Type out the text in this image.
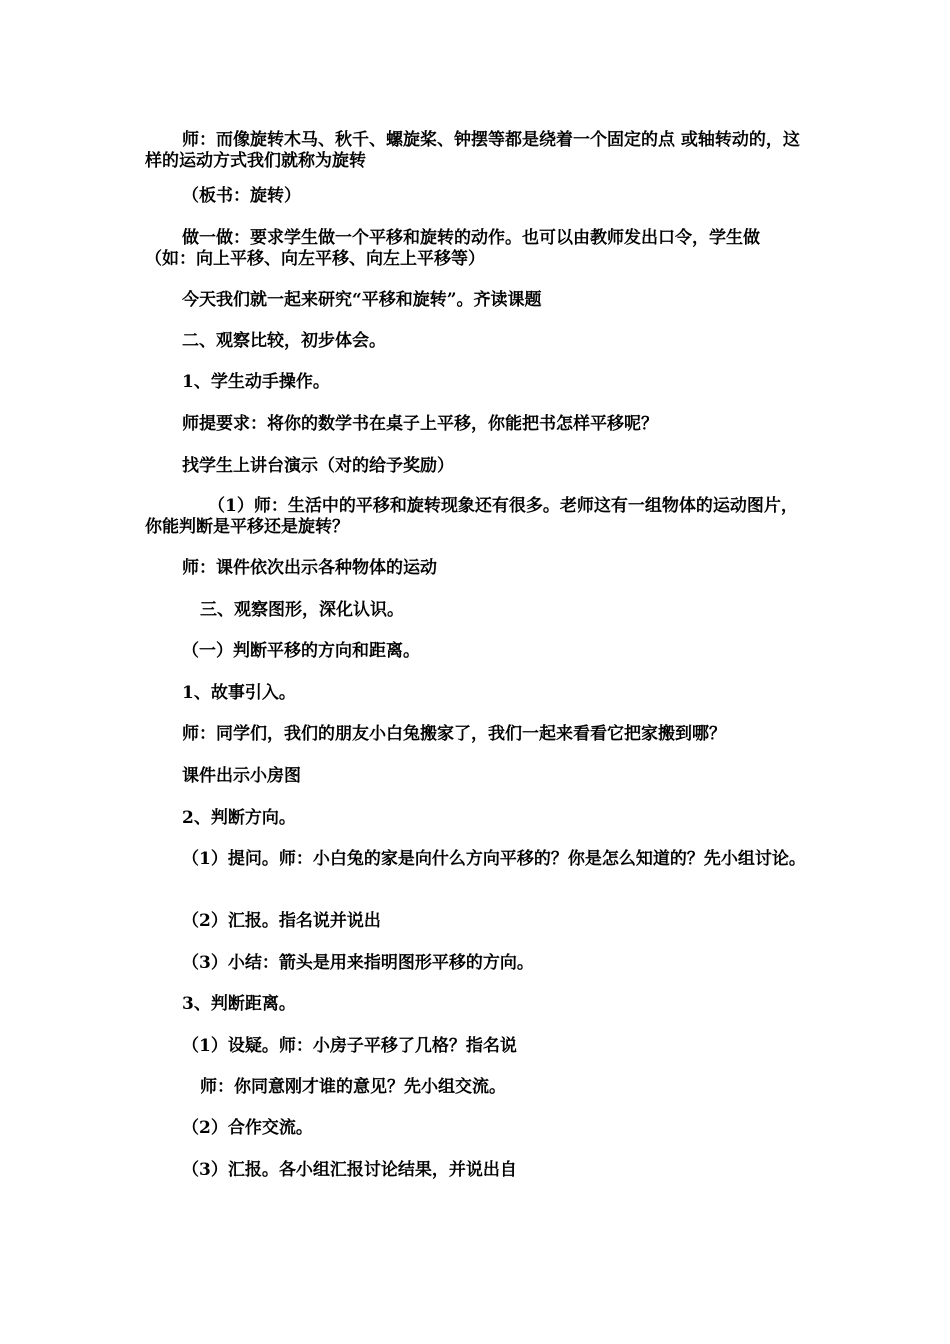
师：而像旋转木马、秋千、螺旋桨、钟摆等都是绕着一个固定的点 或轴转动的，这样的运动方式我们就称为旋转

（板书：旋转）

做一做：要求学生做一个平移和旋转的动作。也可以由教师发出口令，学生做（如：向上平移、向左平移、向左上平移等）

今天我们就一起来研究“平移和旋转”。齐读课题

二、观察比较，初步体会。

1、学生动手操作。

师提要求：将你的数学书在桌子上平移，你能把书怎样平移呢？

找学生上讲台演示（对的给予奖励）

（1）师：生活中的平移和旋转现象还有很多。老师这有一组物体的运动图片，你能判断是平移还是旋转？

师：课件依次出示各种物体的运动

三、观察图形，深化认识。

（一）判断平移的方向和距离。

1、故事引入。

师：同学们，我们的朋友小白兔搬家了，我们一起来看看它把家搬到哪？

课件出示小房图

2、判断方向。

（1）提问。师：小白兔的家是向什么方向平移的？你是怎么知道的？先小组讨论。

（2）汇报。指名说并说出

（3）小结：箭头是用来指明图形平移的方向。

3、判断距离。

（1）设疑。师：小房子平移了几格？指名说

师：你同意刚才谁的意见？先小组交流。

（2）合作交流。

（3）汇报。各小组汇报讨论结果，并说出自
